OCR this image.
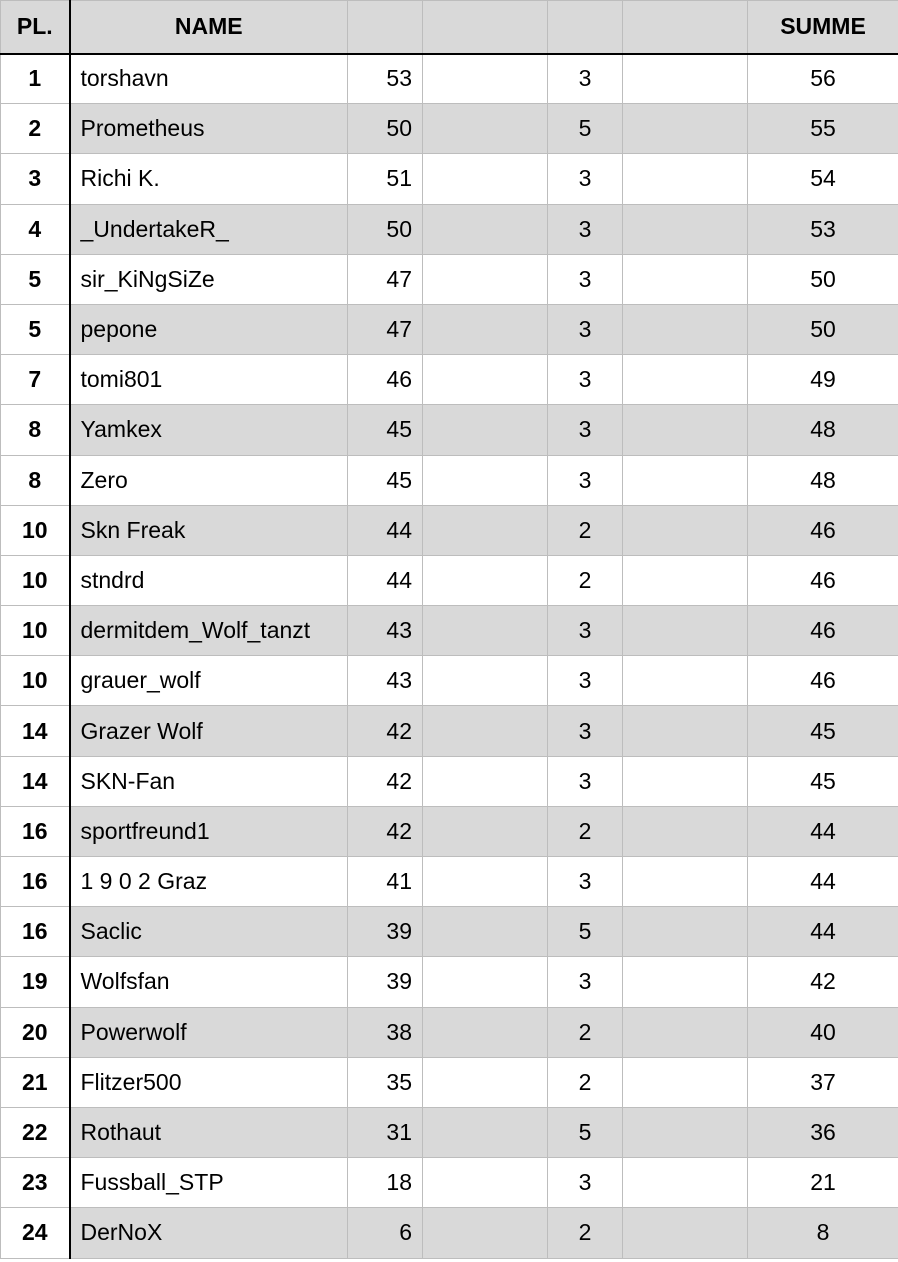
PL.	NAME					SUMME
1	torshavn	53		3		56
2	Prometheus	50		5		55
3	Richi K.	51		3		54
4	_UndertakeR_	50		3		53
5	sir_KiNgSiZe	47		3		50
5	pepone	47		3		50
7	tomi801	46		3		49
8	Yamkex	45		3		48
8	Zero	45		3		48
10	Skn Freak	44		2		46
10	stndrd	44		2		46
10	dermitdem_Wolf_tanzt	43		3		46
10	grauer_wolf	43		3		46
14	Grazer Wolf	42		3		45
14	SKN-Fan	42		3		45
16	sportfreund1	42		2		44
16	1 9 0 2 Graz	41		3		44
16	Saclic	39		5		44
19	Wolfsfan	39		3		42
20	Powerwolf	38		2		40
21	Flitzer500	35		2		37
22	Rothaut	31		5		36
23	Fussball_STP	18		3		21
24	DerNoX	6		2		8
